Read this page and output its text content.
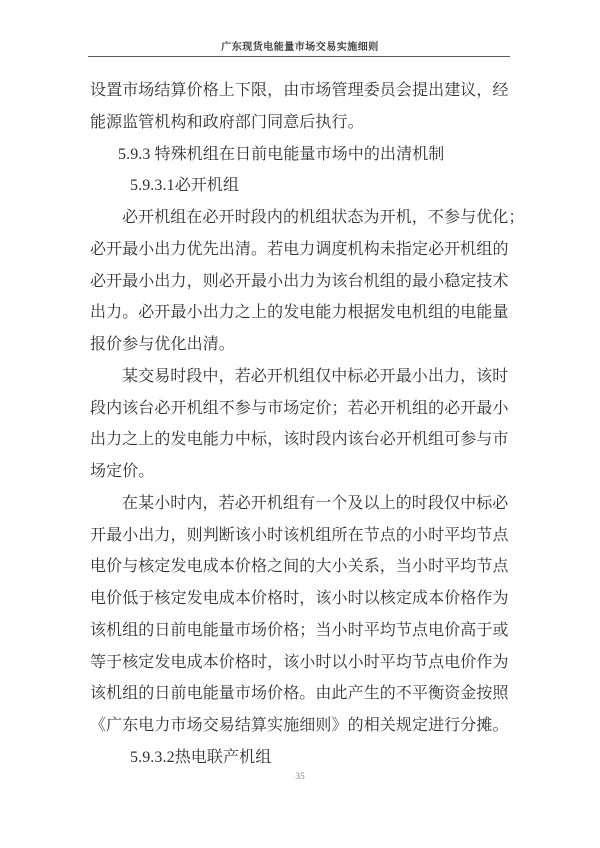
广东现货电能量市场交易实施细则
设置市场结算价格上下限，由市场管理委员会提出建议，经
能源监管机构和政府部门同意后执行。
5.9.3 特殊机组在日前电能量市场中的出清机制
5.9.3.1必开机组
必开机组在必开时段内的机组状态为开机，不参与优化；
必开最小出力优先出清。若电力调度机构未指定必开机组的
必开最小出力，则必开最小出力为该台机组的最小稳定技术
出力。必开最小出力之上的发电能力根据发电机组的电能量
报价参与优化出清。
某交易时段中，若必开机组仅中标必开最小出力，该时
段内该台必开机组不参与市场定价；若必开机组的必开最小
出力之上的发电能力中标，该时段内该台必开机组可参与市
场定价。
在某小时内，若必开机组有一个及以上的时段仅中标必
开最小出力，则判断该小时该机组所在节点的小时平均节点
电价与核定发电成本价格之间的大小关系，当小时平均节点
电价低于核定发电成本价格时，该小时以核定成本价格作为
该机组的日前电能量市场价格；当小时平均节点电价高于或
等于核定发电成本价格时，该小时以小时平均节点电价作为
该机组的日前电能量市场价格。由此产生的不平衡资金按照
《广东电力市场交易结算实施细则》的相关规定进行分摊。
5.9.3.2热电联产机组
35
